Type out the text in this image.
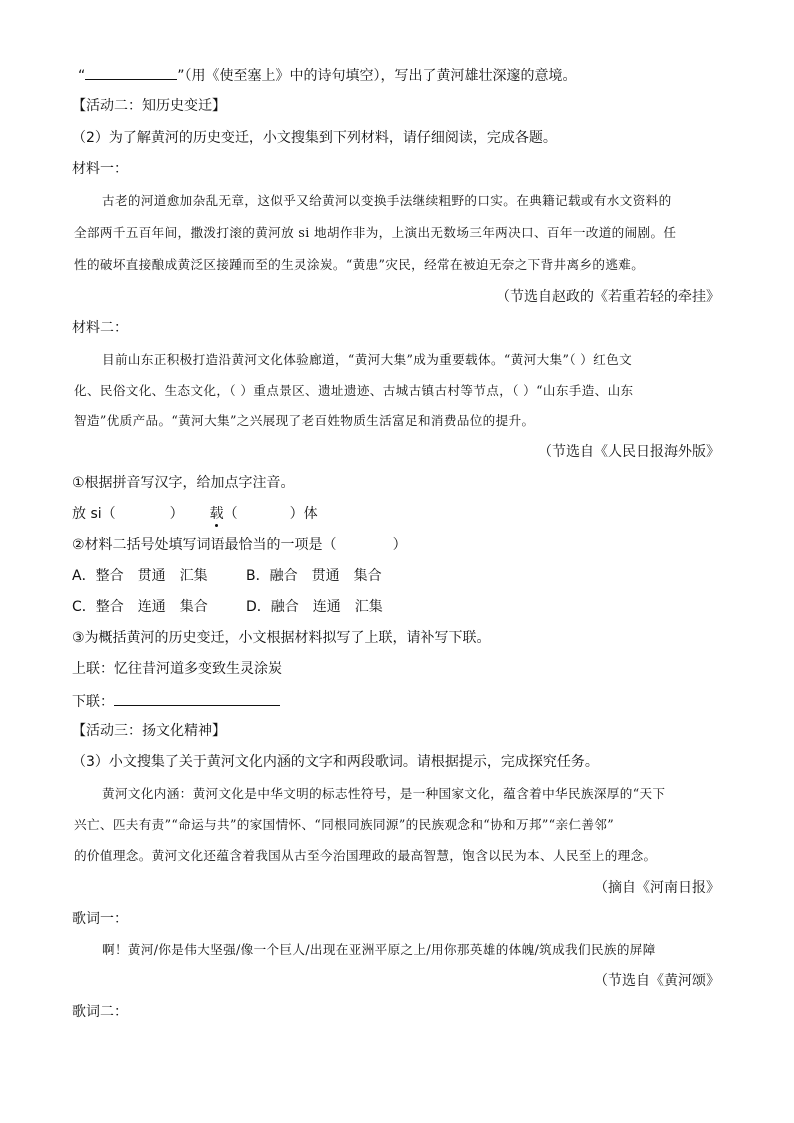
“	”（用《使至塞上》中的诗句填空），写出了黄河雄壮深邃的意境。
【活动二：知历史变迁】
（2）为了解黄河的历史变迁，小文搜集到下列材料，请仔细阅读，完成各题。
材料一：
古老的河道愈加杂乱无章，这似乎又给黄河以变换手法继续粗野的口实。在典籍记载或有水文资料的
全部两千五百年间，撒泼打滚的黄河放 si 地胡作非为，上演出无数场三年两决口、百年一改道的闹剧。任
性的破坏直接酿成黄泛区接踵而至的生灵涂炭。“黄患”灾民，经常在被迫无奈之下背井离乡的逃难。
（节选自赵政的《若重若轻的牵挂》
材料二：
目前山东正积极打造沿黄河文化体验廊道，“黄河大集”成为重要载体。“黄河大集”（ ）红色文
化、民俗文化、生态文化，（ ）重点景区、遗址遗迹、古城古镇古村等节点，（ ）“山东手造、山东
智造”优质产品。“黄河大集”之兴展现了老百姓物质生活富足和消费品位的提升。
（节选自《人民日报海外版》
①根据拼音写汉字，给加点字注音。
放 si（	） 载（	）体
②材料二括号处填写词语最恰当的一项是（	）
A．整合　贯通　汇集	B．融合　贯通　集合
C．整合　连通　集合	D．融合　连通　汇集
③为概括黄河的历史变迁，小文根据材料拟写了上联，请补写下联。
上联：忆往昔河道多变致生灵涂炭
下联：
【活动三：扬文化精神】
（3）小文搜集了关于黄河文化内涵的文字和两段歌词。请根据提示，完成探究任务。
黄河文化内涵：黄河文化是中华文明的标志性符号，是一种国家文化，蕴含着中华民族深厚的“天下
兴亡、匹夫有责”“命运与共”的家国情怀、“同根同族同源”的民族观念和“协和万邦”“亲仁善邻”
的价值理念。黄河文化还蕴含着我国从古至今治国理政的最高智慧，饱含以民为本、人民至上的理念。
（摘自《河南日报》
歌词一：
啊！黄河/你是伟大坚强/像一个巨人/出现在亚洲平原之上/用你那英雄的体魄/筑成我们民族的屏障
（节选自《黄河颂》
歌词二：
